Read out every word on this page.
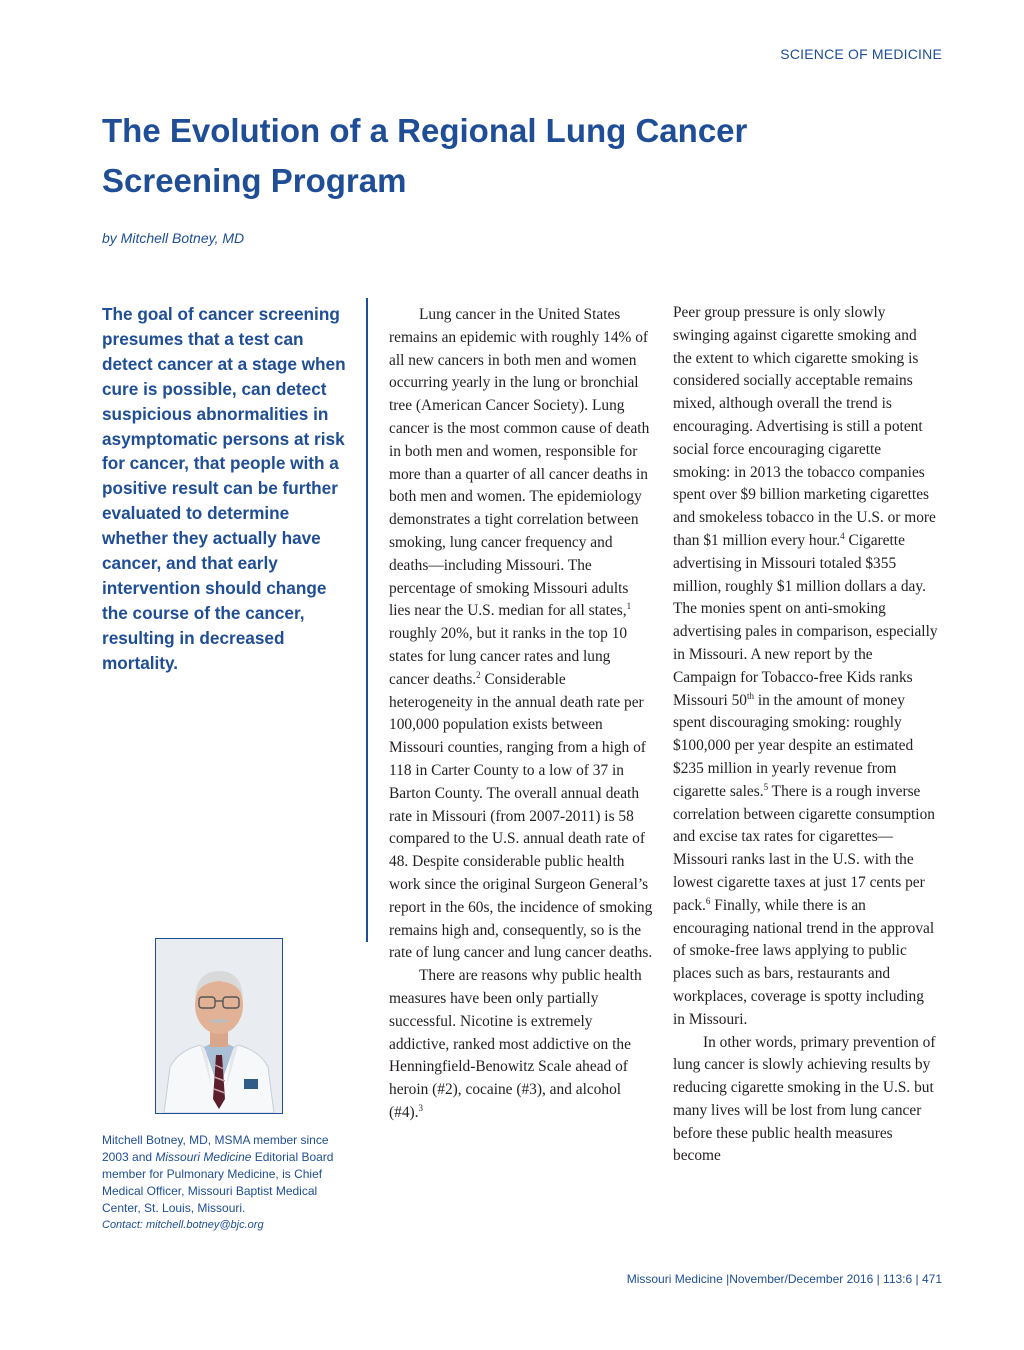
SCIENCE OF MEDICINE
The Evolution of a Regional Lung Cancer Screening Program
by Mitchell Botney, MD

The goal of cancer screening presumes that a test can detect cancer at a stage when cure is possible, can detect suspicious abnormalities in asymptomatic persons at risk for cancer, that people with a positive result can be further evaluated to determine whether they actually have cancer, and that early intervention should change the course of the cancer, resulting in decreased mortality.

Lung cancer in the United States remains an epidemic with roughly 14% of all new cancers in both men and women occurring yearly in the lung or bronchial tree (American Cancer Society). Lung cancer is the most common cause of death in both men and women, responsible for more than a quarter of all cancer deaths in both men and women. The epidemiology demonstrates a tight correlation between smoking, lung cancer frequency and deaths—including Missouri. The percentage of smoking Missouri adults lies near the U.S. median for all states,$^1$ roughly 20%, but it ranks in the top 10 states for lung cancer rates and lung cancer deaths.$^2$ Considerable heterogeneity in the annual death rate per 100,000 population exists between Missouri counties, ranging from a high of 118 in Carter County to a low of 37 in Barton County. The overall annual death rate in Missouri (from 2007-2011) is 58 compared to the U.S. annual death rate of 48. Despite considerable public health work since the original Surgeon General’s report in the 60s, the incidence of smoking remains high and, consequently, so is the rate of lung cancer and lung cancer deaths.

There are reasons why public health measures have been only partially successful. Nicotine is extremely addictive, ranked most addictive on the Henningfield-Benowitz Scale ahead of heroin (#2), cocaine (#3), and alcohol (#4).$^3$

Peer group pressure is only slowly swinging against cigarette smoking and the extent to which cigarette smoking is considered socially acceptable remains mixed, although overall the trend is encouraging. Advertising is still a potent social force encouraging cigarette smoking: in 2013 the tobacco companies spent over $9 billion marketing cigarettes and smokeless tobacco in the U.S. or more than $1 million every hour.$^4$ Cigarette advertising in Missouri totaled $355 million, roughly $1 million dollars a day. The monies spent on anti-smoking advertising pales in comparison, especially in Missouri. A new report by the Campaign for Tobacco-free Kids ranks Missouri 50th in the amount of money spent discouraging smoking: roughly $100,000 per year despite an estimated $235 million in yearly revenue from cigarette sales.$^5$ There is a rough inverse correlation between cigarette consumption and excise tax rates for cigarettes—Missouri ranks last in the U.S. with the lowest cigarette taxes at just 17 cents per pack.$^6$ Finally, while there is an encouraging national trend in the approval of smoke-free laws applying to public places such as bars, restaurants and workplaces, coverage is spotty including in Missouri.

In other words, primary prevention of lung cancer is slowly achieving results by reducing cigarette smoking in the U.S. but many lives will be lost from lung cancer before these public health measures become

Mitchell Botney, MD, MSMA member since 2003 and Missouri Medicine Editorial Board member for Pulmonary Medicine, is Chief Medical Officer, Missouri Baptist Medical Center, St. Louis, Missouri.
Contact: mitchell.botney@bjc.org

Missouri Medicine |November/December 2016 | 113:6 | 471
